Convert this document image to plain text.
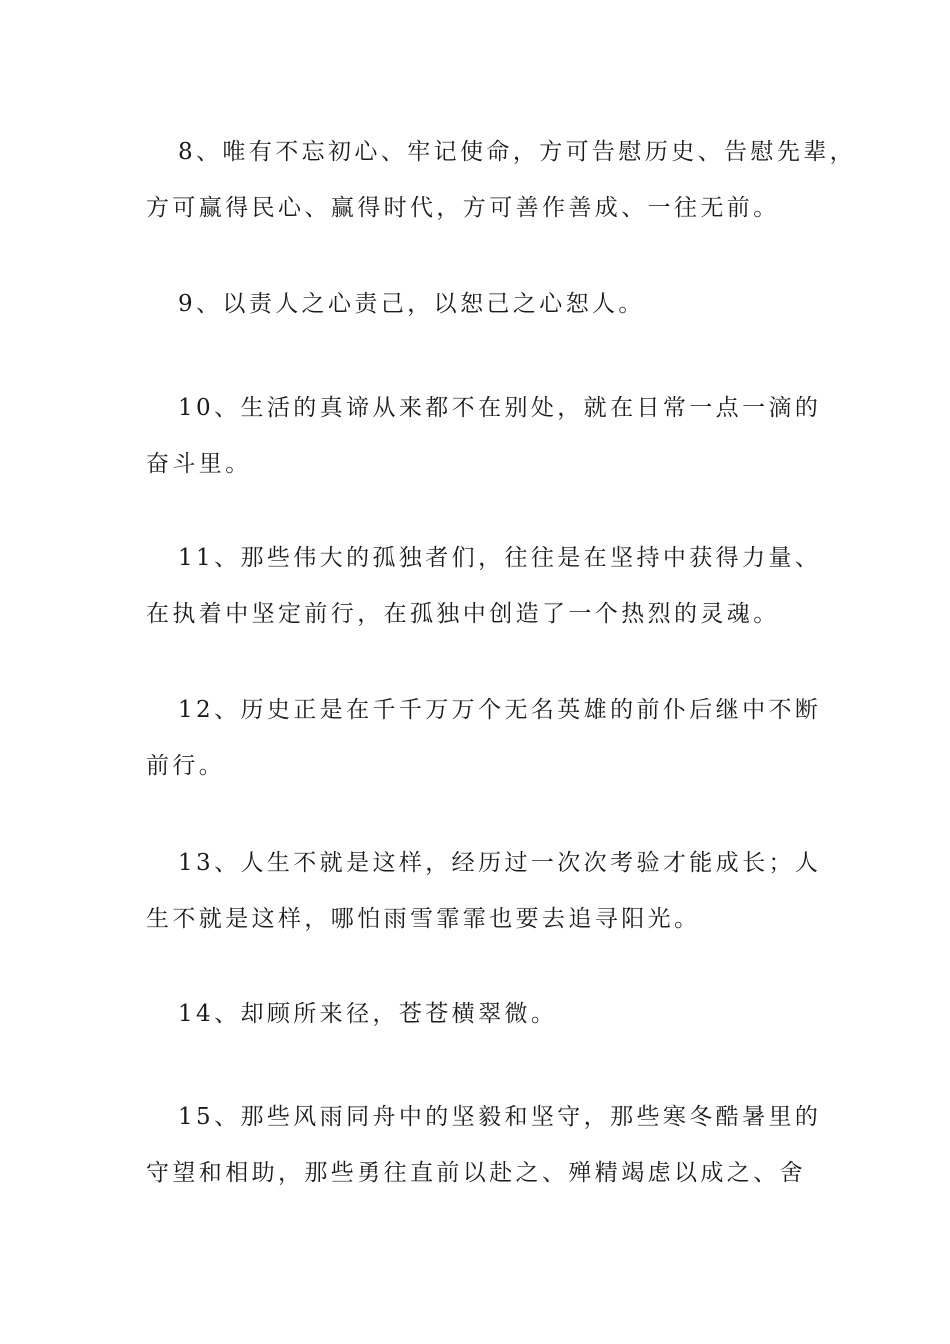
8、唯有不忘初心、牢记使命，方可告慰历史、告慰先辈，
方可赢得民心、赢得时代，方可善作善成、一往无前。
9、以责人之心责己，以恕己之心恕人。
10、生活的真谛从来都不在别处，就在日常一点一滴的
奋斗里。
11、那些伟大的孤独者们，往往是在坚持中获得力量、
在执着中坚定前行，在孤独中创造了一个热烈的灵魂。
12、历史正是在千千万万个无名英雄的前仆后继中不断
前行。
13、人生不就是这样，经历过一次次考验才能成长；人
生不就是这样，哪怕雨雪霏霏也要去追寻阳光。
14、却顾所来径，苍苍横翠微。
15、那些风雨同舟中的坚毅和坚守，那些寒冬酷暑里的
守望和相助，那些勇往直前以赴之、殚精竭虑以成之、舍
